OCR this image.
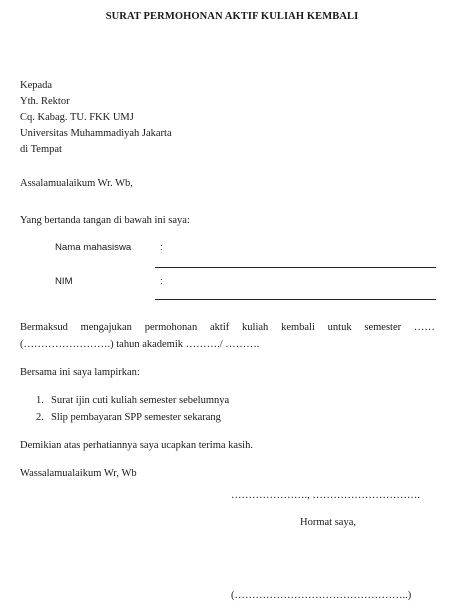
SURAT PERMOHONAN AKTIF KULIAH KEMBALI
Kepada
Yth. Rektor
Cq. Kabag. TU. FKK UMJ
Universitas Muhammadiyah Jakarta
di Tempat
Assalamualaikum Wr. Wb,
Yang bertanda tangan di bawah ini saya:
Nama mahasiswa	:
NIM	:
Bermaksud mengajukan permohonan aktif kuliah kembali untuk semester ……
(…………………….) tahun akademik ………./ ……….
Bersama ini saya lampirkan:
1. Surat ijin cuti kuliah semester sebelumnya
2. Slip pembayaran SPP semester sekarang
Demikian atas perhatiannya saya ucapkan terima kasih.
Wassalamualaikum Wr, Wb
…………………., ………………………….
Hormat saya,
(…………………………………………..)
